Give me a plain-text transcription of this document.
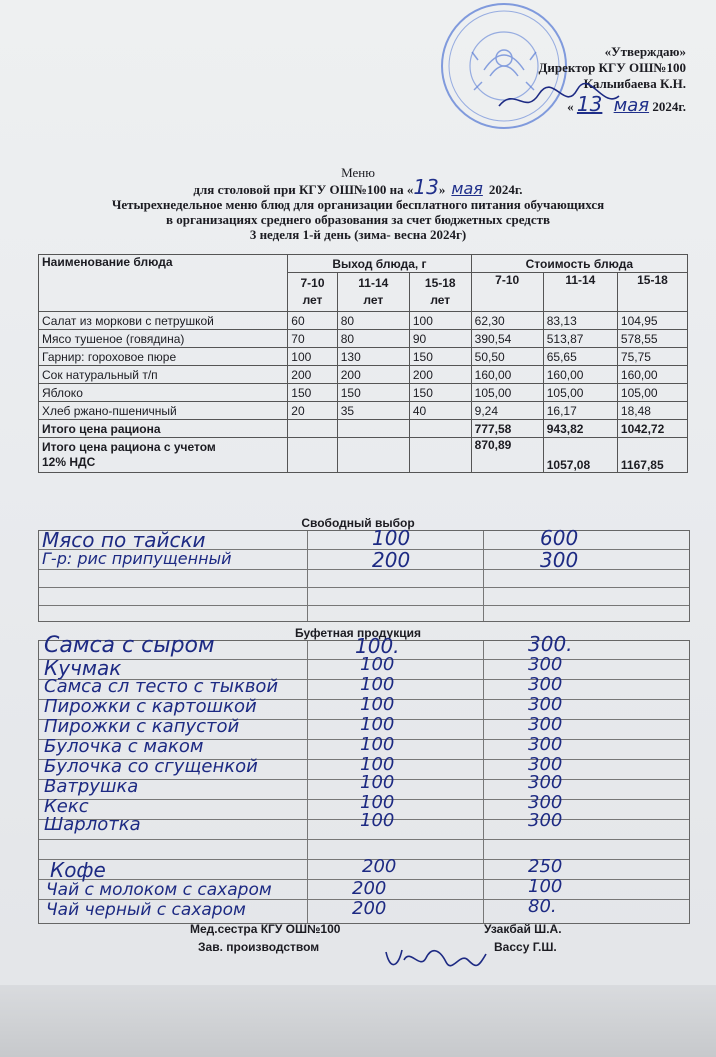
«Утверждаю»
Директор КГУ ОШ№100
Калыибаева К.Н.
« 13 мая 2024г.
Меню
для столовой при КГУ ОШ№100 на «13» мая 2024г.
Четырехнедельное меню блюд для организации бесплатного питания обучающихся
в организациях среднего образования за счет бюджетных средств
3 неделя 1-й день (зима- весна 2024г)
Наименование блюда	Выход блюда, г			Стоимость блюда		
	7-10 лет	11-14 лет	15-18 лет	7-10	11-14	15-18
Салат из моркови с петрушкой	60	80	100	62,30	83,13	104,95
Мясо тушеное (говядина)	70	80	90	390,54	513,87	578,55
Гарнир: гороховое пюре	100	130	150	50,50	65,65	75,75
Сок натуральный т/п	200	200	200	160,00	160,00	160,00
Яблоко	150	150	150	105,00	105,00	105,00
Хлеб ржано-пшеничный	20	35	40	9,24	16,17	18,48
Итого цена рациона				777,58	943,82	1042,72

Итого цена рациона с учетом
12% НДС				870,89	1057,08	1167,85
Свободный выбор
Мясо по тайски	100	600
Г-р: рис припущенный	200	300
Буфетная продукция
Самса с сыром	100.	300.
Кучмак	100	300
Самса сл тесто с тыквой	100	300
Пирожки с картошкой	100	300
Пирожки с капустой	100	300
Булочка с маком	100	300
Булочка со сгущенкой	100	300
Ватрушка	100	300
Кекс	100	300
Шарлотка	100	300
Кофе	200	250
Чай с молоком с сахаром	200	100
Чай черный с сахаром	200	80.
Мед.сестра КГУ ОШ№100	Узакбай Ш.А.
Зав. производством	Вассу Г.Ш.
